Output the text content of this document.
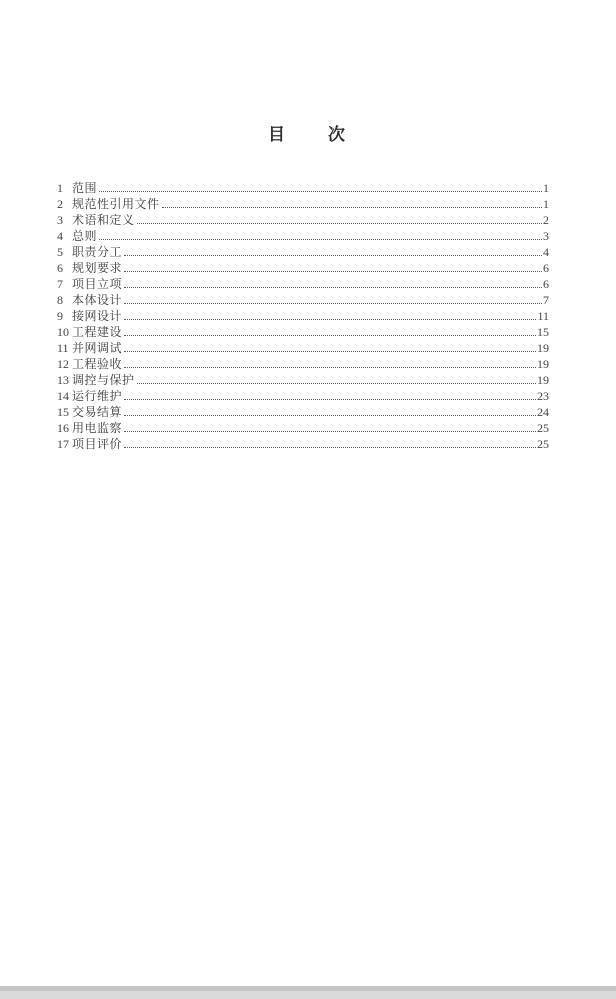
目　　次
1 范围	1
2 规范性引用文件	1
3 术语和定义	2
4 总则	3
5 职责分工	4
6 规划要求	6
7 项目立项	6
8 本体设计	7
9 接网设计	11
10 工程建设	15
11 并网调试	19
12 工程验收	19
13 调控与保护	19
14 运行维护	23
15 交易结算	24
16 用电监察	25
17 项目评价	25
